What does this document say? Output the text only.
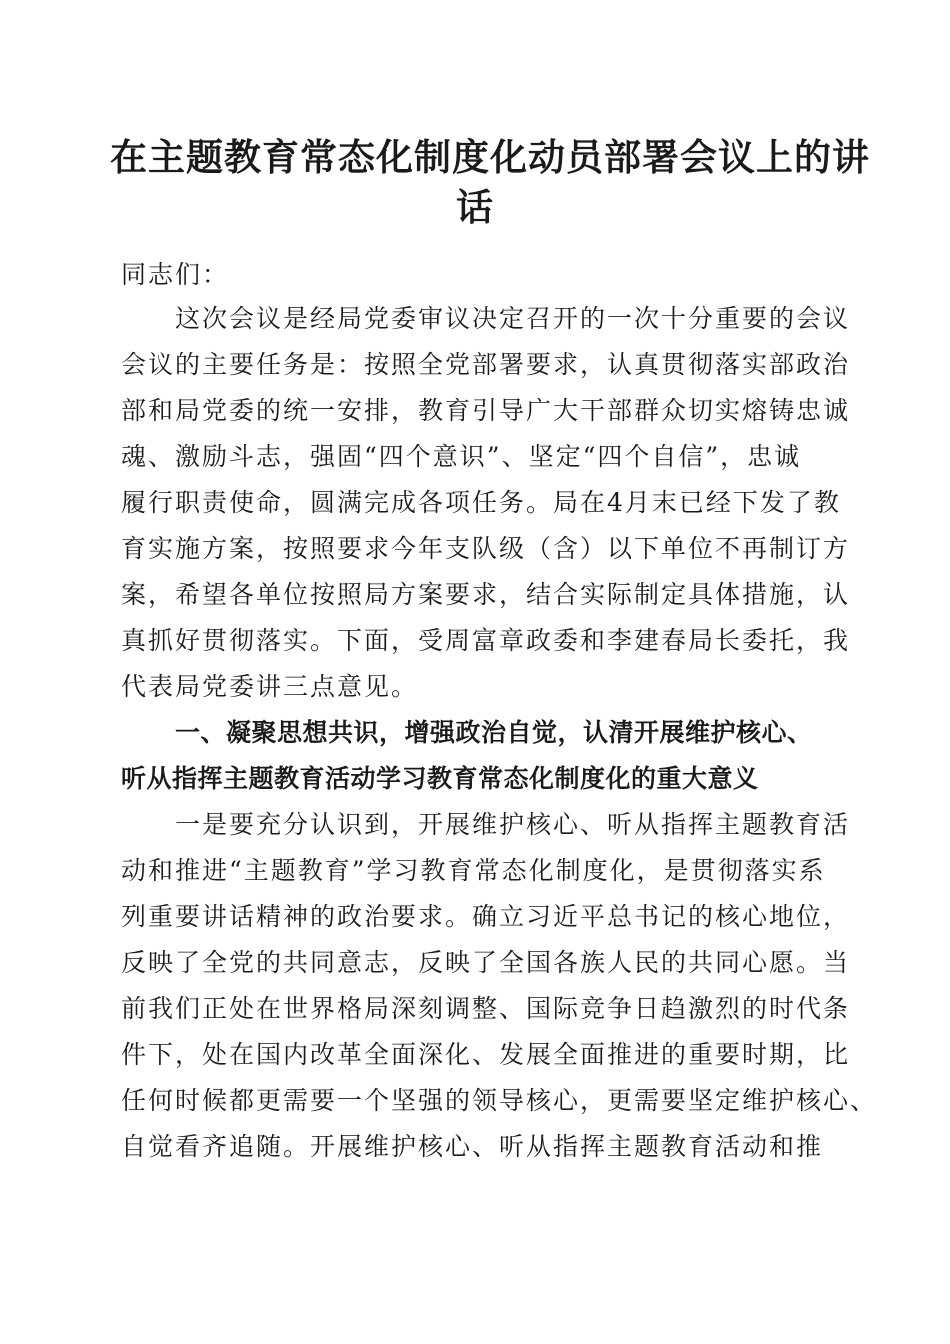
在主题教育常态化制度化动员部署会议上的讲
话
同志们：
这次会议是经局党委审议决定召开的一次十分重要的会议
会议的主要任务是：按照全党部署要求，认真贯彻落实部政治
部和局党委的统一安排，教育引导广大干部群众切实熔铸忠诚
魂、激励斗志，强固“四个意识”、坚定“四个自信”，忠诚
履行职责使命，圆满完成各项任务。局在4月末已经下发了教
育实施方案，按照要求今年支队级（含）以下单位不再制订方
案，希望各单位按照局方案要求，结合实际制定具体措施，认
真抓好贯彻落实。下面，受周富章政委和李建春局长委托，我
代表局党委讲三点意见。
一、凝聚思想共识，增强政治自觉，认清开展维护核心、
听从指挥主题教育活动学习教育常态化制度化的重大意义
一是要充分认识到，开展维护核心、听从指挥主题教育活
动和推进“主题教育”学习教育常态化制度化，是贯彻落实系
列重要讲话精神的政治要求。确立习近平总书记的核心地位，
反映了全党的共同意志，反映了全国各族人民的共同心愿。当
前我们正处在世界格局深刻调整、国际竞争日趋激烈的时代条
件下，处在国内改革全面深化、发展全面推进的重要时期，比
任何时候都更需要一个坚强的领导核心，更需要坚定维护核心、
自觉看齐追随。开展维护核心、听从指挥主题教育活动和推
